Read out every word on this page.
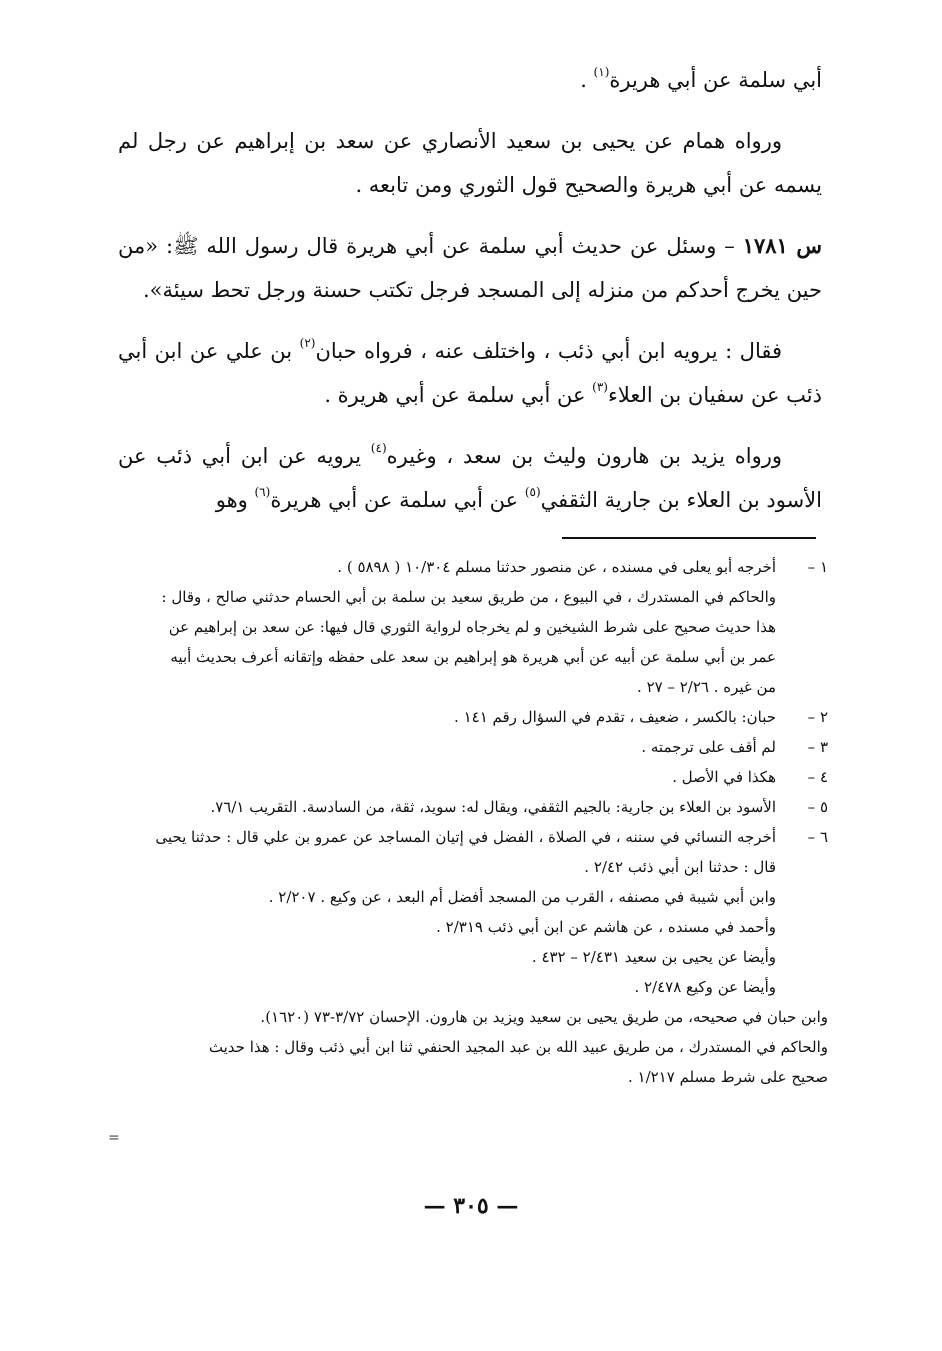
أبي سلمة عن أبي هريرة$^{(١)}$ .

ورواه همام عن يحيى بن سعيد الأنصاري عن سعد بن إبراهيم عن رجل لم يسمه عن أبي هريرة والصحيح قول الثوري ومن تابعه .

س ١٧٨١ – وسئل عن حديث أبي سلمة عن أبي هريرة قال رسول الله ﷺ: «من حين يخرج أحدكم من منزله إلى المسجد فرجل تكتب حسنة ورجل تحط سيئة».

فقال : يرويه ابن أبي ذئب ، واختلف عنه ، فرواه حبان$^{(٢)}$ بن علي عن ابن أبي ذئب عن سفيان بن العلاء$^{(٣)}$ عن أبي سلمة عن أبي هريرة .

ورواه يزيد بن هارون وليث بن سعد ، وغيره$^{(٤)}$ يرويه عن ابن أبي ذئب عن الأسود بن العلاء بن جارية الثقفي$^{(٥)}$ عن أبي سلمة عن أبي هريرة$^{(٦)}$ وهو

١ –
أخرجه أبو يعلى في مسنده ، عن منصور حدثنا مسلم ١٠/٣٠٤ ( ٥٨٩٨ ) .
والحاكم في المستدرك ، في البيوع ، من طريق سعيد بن سلمة بن أبي الحسام حدثني صالح ، وقال :
هذا حديث صحيح على شرط الشيخين و لم يخرجاه لرواية الثوري قال فيها: عن سعد بن إبراهيم عن
عمر بن أبي سلمة عن أبيه عن أبي هريرة هو إبراهيم بن سعد على حفظه وإتقانه أعرف بحديث أبيه
من غيره . ٢/٢٦ – ٢٧ .
٢ –
حبان: بالكسر ، ضعيف ، تقدم في السؤال رقم ١٤١ .
٣ –
لم أقف على ترجمته .
٤ –
هكذا في الأصل .
٥ –
الأسود بن العلاء بن جارية: بالجيم الثقفي، ويقال له: سويد، ثقة، من السادسة. التقريب ٧٦/١.
٦ –
أخرجه النسائي في سننه ، في الصلاة ، الفضل في إتيان المساجد عن عمرو بن علي قال : حدثنا يحيى
قال : حدثنا ابن أبي ذئب ٢/٤٢ .
وابن أبي شيبة في مصنفه ، القرب من المسجد أفضل أم البعد ، عن وكيع . ٢/٢٠٧ .
وأحمد في مسنده ، عن هاشم عن ابن أبي ذئب ٢/٣١٩ .
وأيضا عن يحيى بن سعيد ٢/٤٣١ – ٤٣٢ .
وأيضا عن وكيع ٢/٤٧٨ .
وابن حبان في صحيحه، من طريق يحيى بن سعيد ويزيد بن هارون. الإحسان ٣/٧٢-٧٣ (١٦٢٠).
والحاكم في المستدرك ، من طريق عبيد الله بن عبد المجيد الحنفي ثنا ابن أبي ذئب وقال : هذا حديث
صحيح على شرط مسلم ١/٢١٧ .
=
— ٣٠٥ —
